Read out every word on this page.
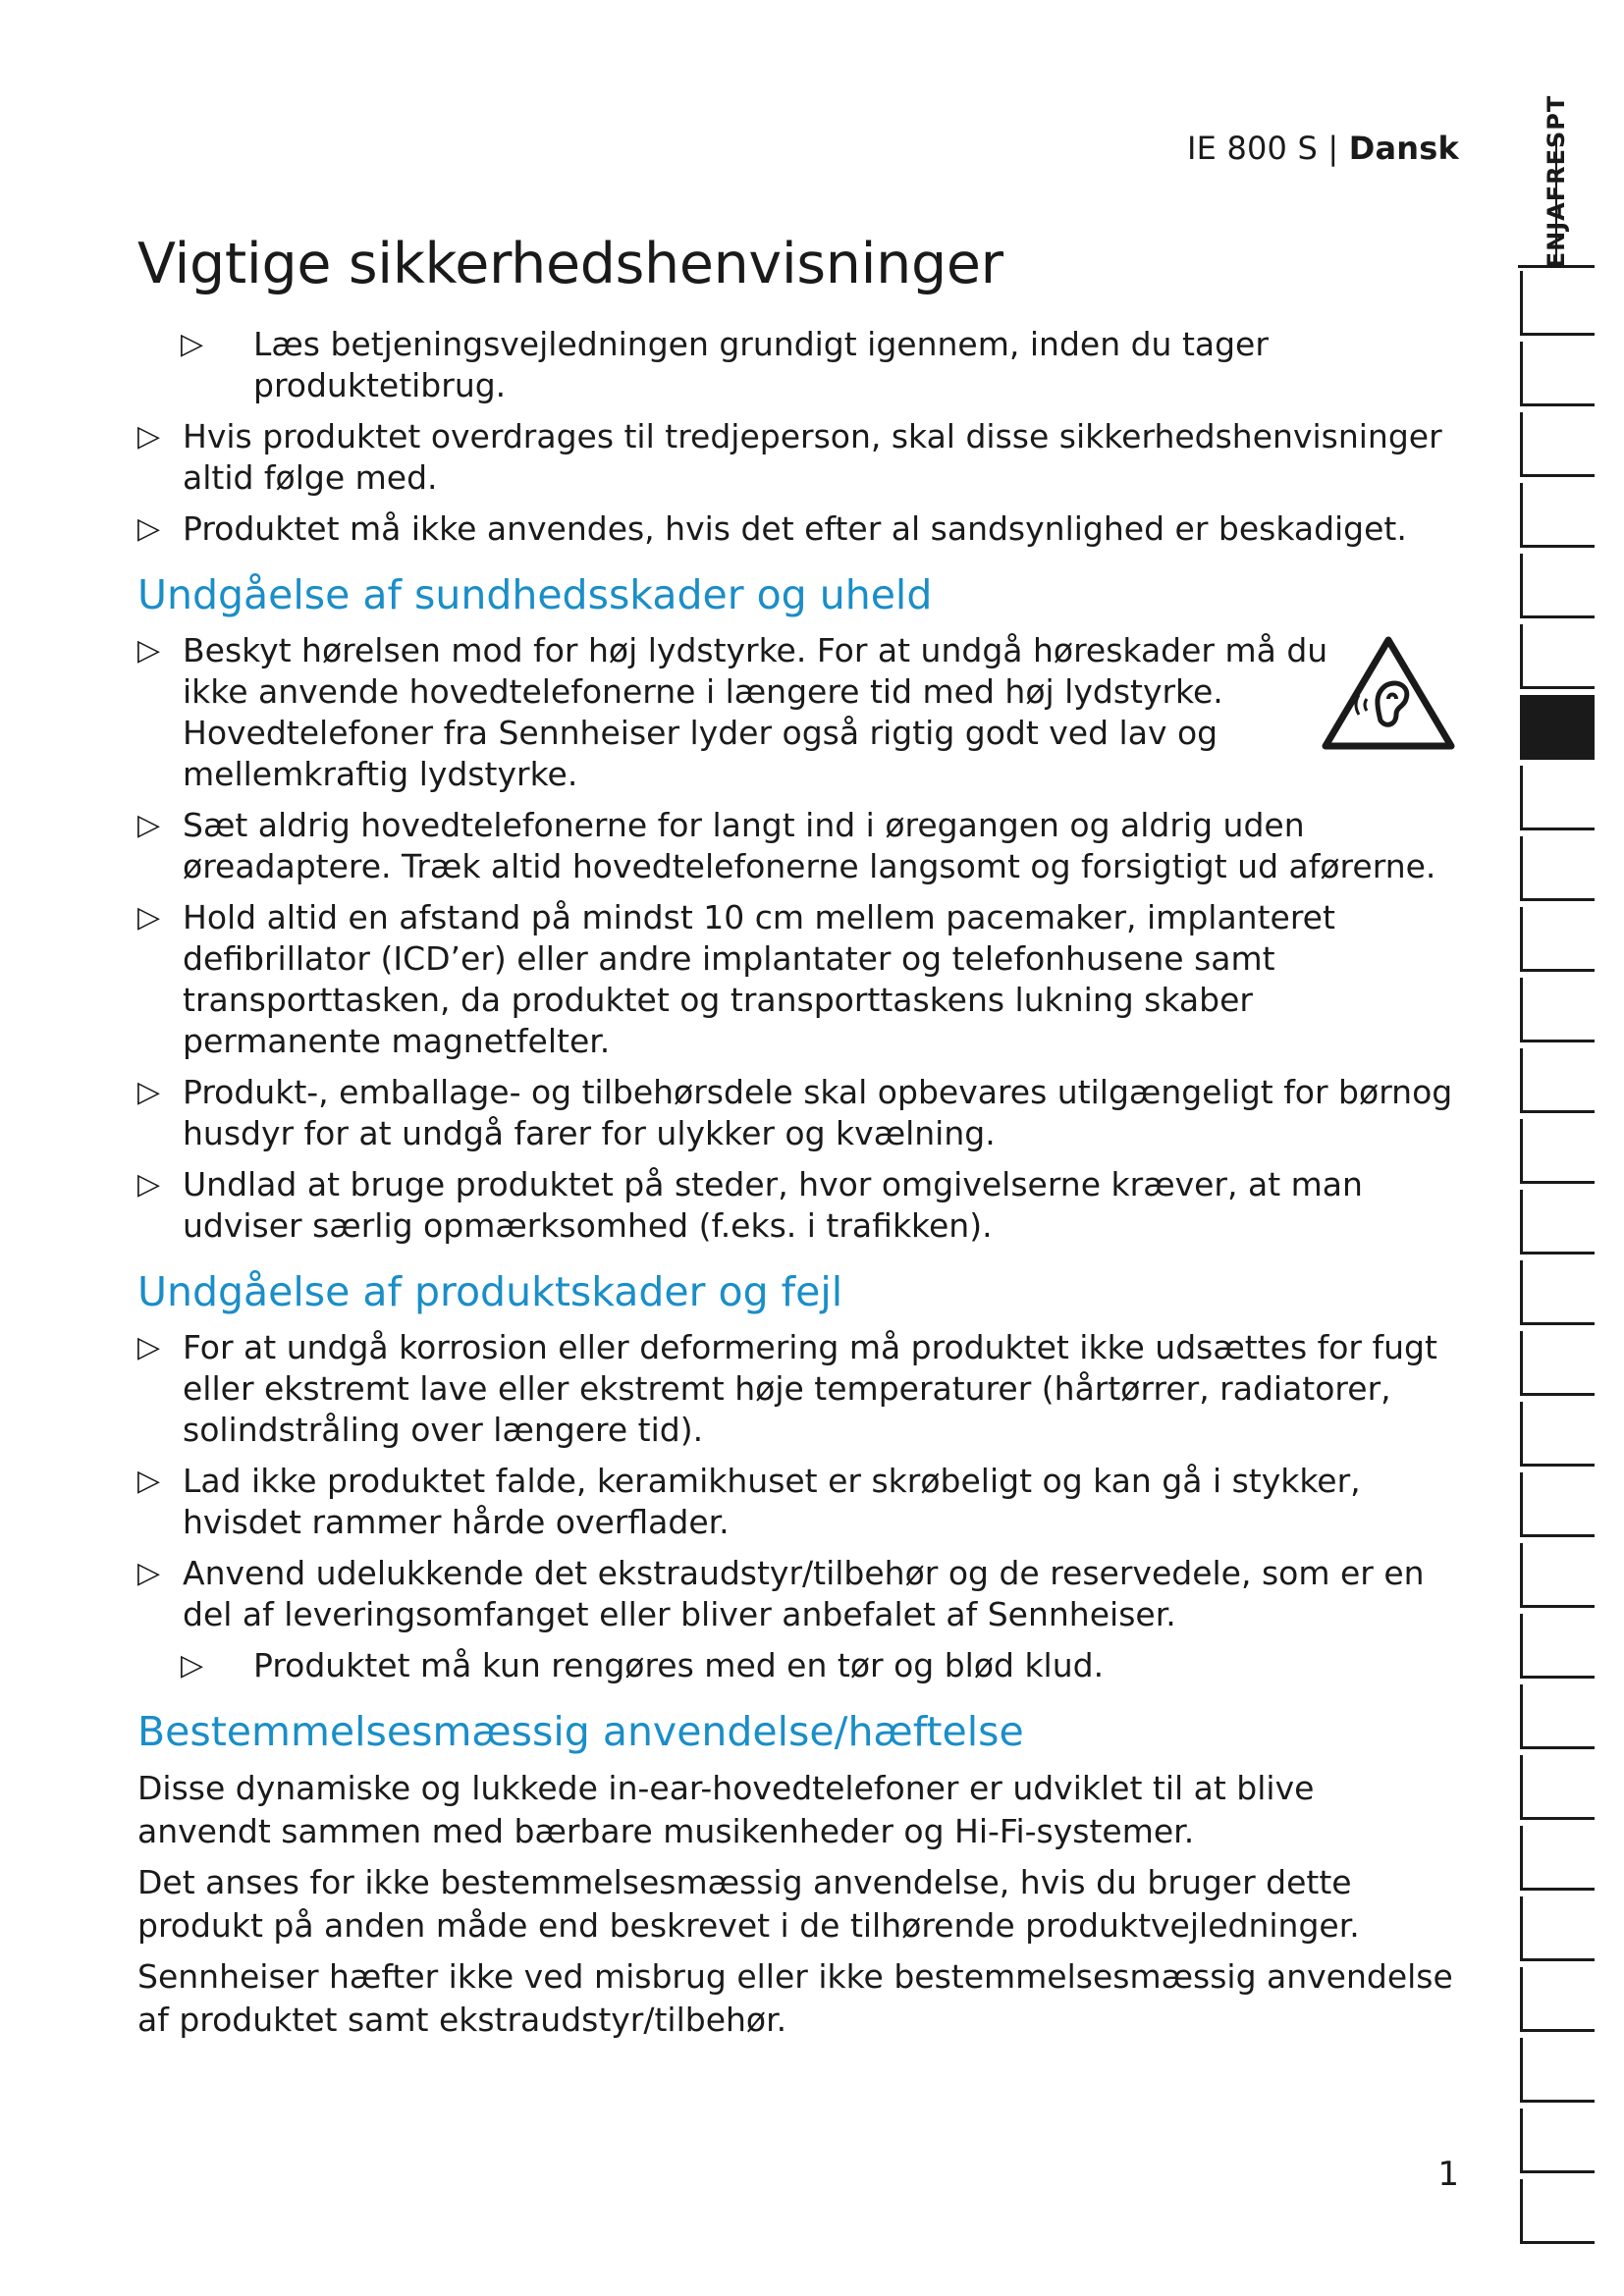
IE 800 S | Dansk
Vigtige sikkerhedshenvisninger
▷ Læs betjeningsvejledningen grundigt igennem, inden du tager produktetibrug.
▷ Hvis produktet overdrages til tredjeperson, skal disse sikkerhedshenvisninger altid følge med.
▷ Produktet må ikke anvendes, hvis det efter al sandsynlighed er beskadiget.
Undgåelse af sundhedsskader og uheld
▷ Beskyt hørelsen mod for høj lydstyrke. For at undgå høreskader må du ikke anvende hovedtelefonerne i længere tid med høj lydstyrke. Hovedtelefoner fra Sennheiser lyder også rigtig godt ved lav og mellemkraftig lydstyrke.
▷ Sæt aldrig hovedtelefonerne for langt ind i øregangen og aldrig uden øreadaptere. Træk altid hovedtelefonerne langsomt og forsigtigt ud aførerne.
▷ Hold altid en afstand på mindst 10 cm mellem pacemaker, implanteret defibrillator (ICD’er) eller andre implantater og telefonhusene samt transporttasken, da produktet og transporttaskens lukning skaber permanente magnetfelter.
▷ Produkt-, emballage- og tilbehørsdele skal opbevares utilgængeligt for børnog husdyr for at undgå farer for ulykker og kvælning.
▷ Undlad at bruge produktet på steder, hvor omgivelserne kræver, at man udviser særlig opmærksomhed (f.eks. i trafikken).
Undgåelse af produktskader og fejl
▷ For at undgå korrosion eller deformering må produktet ikke udsættes for fugt eller ekstremt lave eller ekstremt høje temperaturer (hårtørrer, radiatorer, solindstråling over længere tid).
▷ Lad ikke produktet falde, keramikhuset er skrøbeligt og kan gå i stykker, hvisdet rammer hårde overflader.
▷ Anvend udelukkende det ekstraudstyr/tilbehør og de reservedele, som er en del af leveringsomfanget eller bliver anbefalet af Sennheiser.
▷ Produktet må kun rengøres med en tør og blød klud.
Bestemmelsesmæssig anvendelse/hæftelse

Disse dynamiske og lukkede in-ear-hovedtelefoner er udviklet til at blive anvendt sammen med bærbare musikenheder og Hi-Fi-systemer.

Det anses for ikke bestemmelsesmæssig anvendelse, hvis du bruger dette produkt på anden måde end beskrevet i de tilhørende produktvejledninger.

Sennheiser hæfter ikke ved misbrug eller ikke bestemmelsesmæssig anvendelse af produktet samt ekstraudstyr/tilbehør.

1
ENJAFRESPT
